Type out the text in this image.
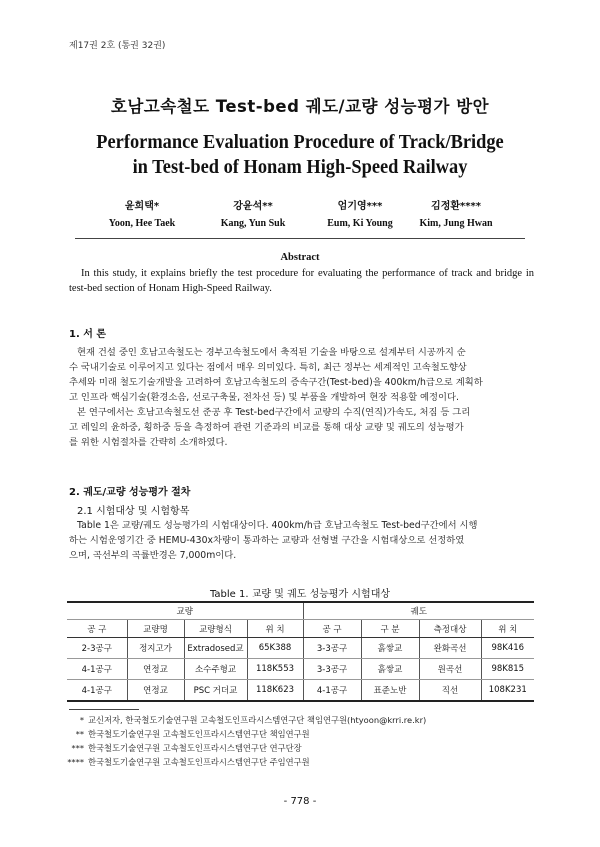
제17권 2호 (통권 32권)
호남고속철도 Test-bed 궤도/교량 성능평가 방안
Performance Evaluation Procedure of Track/Bridge
in Test-bed of Honam High-Speed Railway
윤희택*
Yoon, Hee Taek
강윤석**
Kang, Yun Suk
엄기영***
Eum, Ki Young
김정환****
Kim, Jung Hwan
Abstract
In this study, it explains briefly the test procedure for evaluating the performance of track and bridge in test-bed section of Honam High-Speed Railway.
1. 서 론
현재 건설 중인 호남고속철도는 경부고속철도에서 축적된 기술을 바탕으로 설계부터 시공까지 순
수 국내기술로 이루어지고 있다는 점에서 매우 의미있다. 특히, 최근 정부는 세계적인 고속철도향상
추세와 미래 철도기술개발을 고려하여 호남고속철도의 증속구간(Test-bed)을 400km/h급으로 계획하
고 인프라 핵심기술(환경소음, 선로구축물, 전차선 등) 및 부품을 개발하여 현장 적용할 예정이다.
본 연구에서는 호남고속철도선 준공 후 Test-bed구간에서 교량의 수직(연직)가속도, 처짐 등 그리
고 레일의 윤하중, 횡하중 등을 측정하여 관련 기준과의 비교를 통해 대상 교량 및 궤도의 성능평가
를 위한 시험절차를 간략히 소개하였다.
2. 궤도/교량 성능평가 절차
2.1 시험대상 및 시험항목
Table 1은 교량/궤도 성능평가의 시험대상이다. 400km/h급 호남고속철도 Test-bed구간에서 시행
하는 시험운영기간 중 HEMU-430x차량이 통과하는 교량과 선형별 구간을 시험대상으로 선정하였
으며, 곡선부의 곡률반경은 7,000m이다.
Table 1. 교량 및 궤도 성능평가 시험대상
교량				궤도			
공 구	교량명	교량형식	위 치	공 구	구 분	측정대상	위 치
2-3공구	정지고가	Extradosed교	65K388	3-3공구	흙쌓교	완화곡선	98K416
4-1공구	연정교	소수주형교	118K553	3-3공구	흙쌓교	원곡선	98K815
4-1공구	연정교	PSC 거더교	118K623	4-1공구	표준노반	직선	108K231
* 교신저자, 한국철도기술연구원 고속철도인프라시스템연구단 책임연구원(htyoon@krri.re.kr)
** 한국철도기술연구원 고속철도인프라시스템연구단 책임연구원
*** 한국철도기술연구원 고속철도인프라시스템연구단 연구단장
**** 한국철도기술연구원 고속철도인프라시스템연구단 주임연구원
- 778 -
